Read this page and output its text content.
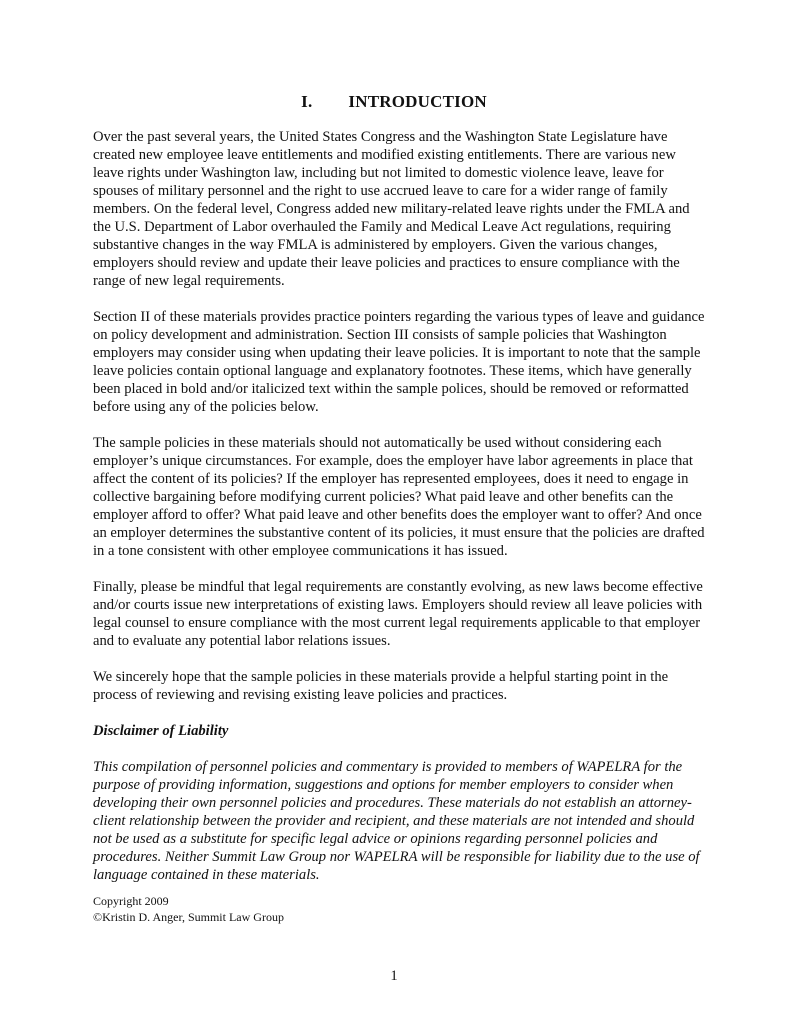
I. INTRODUCTION

Over the past several years, the United States Congress and the Washington State Legislature have created new employee leave entitlements and modified existing entitlements. There are various new leave rights under Washington law, including but not limited to domestic violence leave, leave for spouses of military personnel and the right to use accrued leave to care for a wider range of family members. On the federal level, Congress added new military-related leave rights under the FMLA and the U.S. Department of Labor overhauled the Family and Medical Leave Act regulations, requiring substantive changes in the way FMLA is administered by employers. Given the various changes, employers should review and update their leave policies and practices to ensure compliance with the range of new legal requirements.

Section II of these materials provides practice pointers regarding the various types of leave and guidance on policy development and administration. Section III consists of sample policies that Washington employers may consider using when updating their leave policies. It is important to note that the sample leave policies contain optional language and explanatory footnotes. These items, which have generally been placed in bold and/or italicized text within the sample polices, should be removed or reformatted before using any of the policies below.

The sample policies in these materials should not automatically be used without considering each employer’s unique circumstances. For example, does the employer have labor agreements in place that affect the content of its policies? If the employer has represented employees, does it need to engage in collective bargaining before modifying current policies? What paid leave and other benefits can the employer afford to offer? What paid leave and other benefits does the employer want to offer? And once an employer determines the substantive content of its policies, it must ensure that the policies are drafted in a tone consistent with other employee communications it has issued.

Finally, please be mindful that legal requirements are constantly evolving, as new laws become effective and/or courts issue new interpretations of existing laws. Employers should review all leave policies with legal counsel to ensure compliance with the most current legal requirements applicable to that employer and to evaluate any potential labor relations issues.

We sincerely hope that the sample policies in these materials provide a helpful starting point in the process of reviewing and revising existing leave policies and practices.

Disclaimer of Liability

This compilation of personnel policies and commentary is provided to members of WAPELRA for the purpose of providing information, suggestions and options for member employers to consider when developing their own personnel policies and procedures. These materials do not establish an attorney-client relationship between the provider and recipient, and these materials are not intended and should not be used as a substitute for specific legal advice or opinions regarding personnel policies and procedures. Neither Summit Law Group nor WAPELRA will be responsible for liability due to the use of language contained in these materials.

Copyright 2009
©Kristin D. Anger, Summit Law Group
1
